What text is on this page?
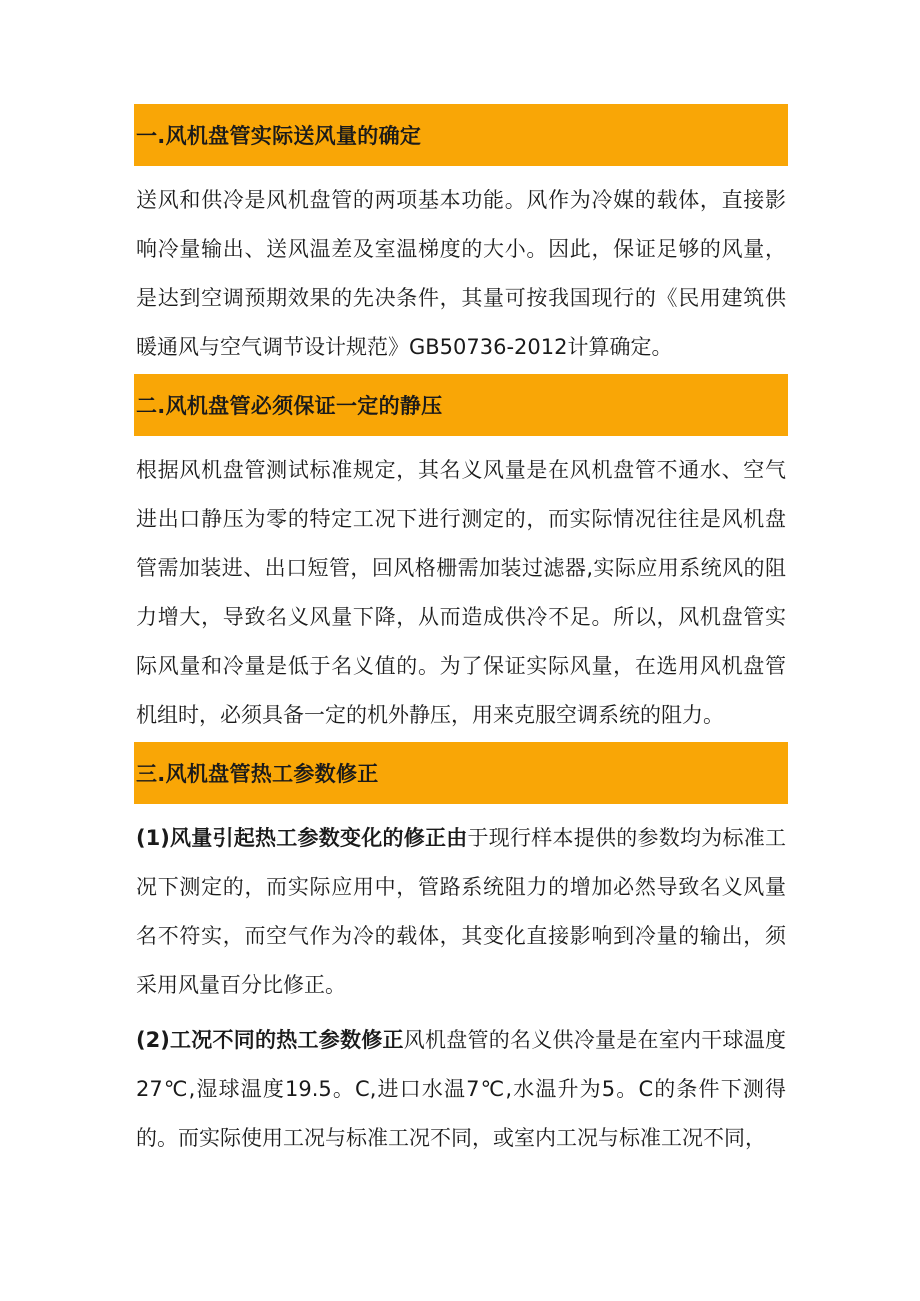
一.风机盘管实际送风量的确定

送风和供冷是风机盘管的两项基本功能。风作为冷媒的载体，直接影响冷量输出、送风温差及室温梯度的大小。因此，保证足够的风量，是达到空调预期效果的先决条件，其量可按我国现行的《民用建筑供暖通风与空气调节设计规范》GB50736-2012计算确定。

二.风机盘管必须保证一定的静压

根据风机盘管测试标准规定，其名义风量是在风机盘管不通水、空气进出口静压为零的特定工况下进行测定的，而实际情况往往是风机盘管需加装进、出口短管，回风格栅需加装过滤器,实际应用系统风的阻力增大，导致名义风量下降，从而造成供冷不足。所以，风机盘管实际风量和冷量是低于名义值的。为了保证实际风量，在选用风机盘管机组时，必须具备一定的机外静压，用来克服空调系统的阻力。

三.风机盘管热工参数修正

(1)风量引起热工参数变化的修正由于现行样本提供的参数均为标准工况下测定的，而实际应用中，管路系统阻力的增加必然导致名义风量名不符实，而空气作为冷的载体，其变化直接影响到冷量的输出，须采用风量百分比修正。

(2)工况不同的热工参数修正风机盘管的名义供冷量是在室内干球温度27℃,湿球温度19.5。C,进口水温7℃,水温升为5。C的条件下测得的。而实际使用工况与标准工况不同，或室内工况与标准工况不同，
